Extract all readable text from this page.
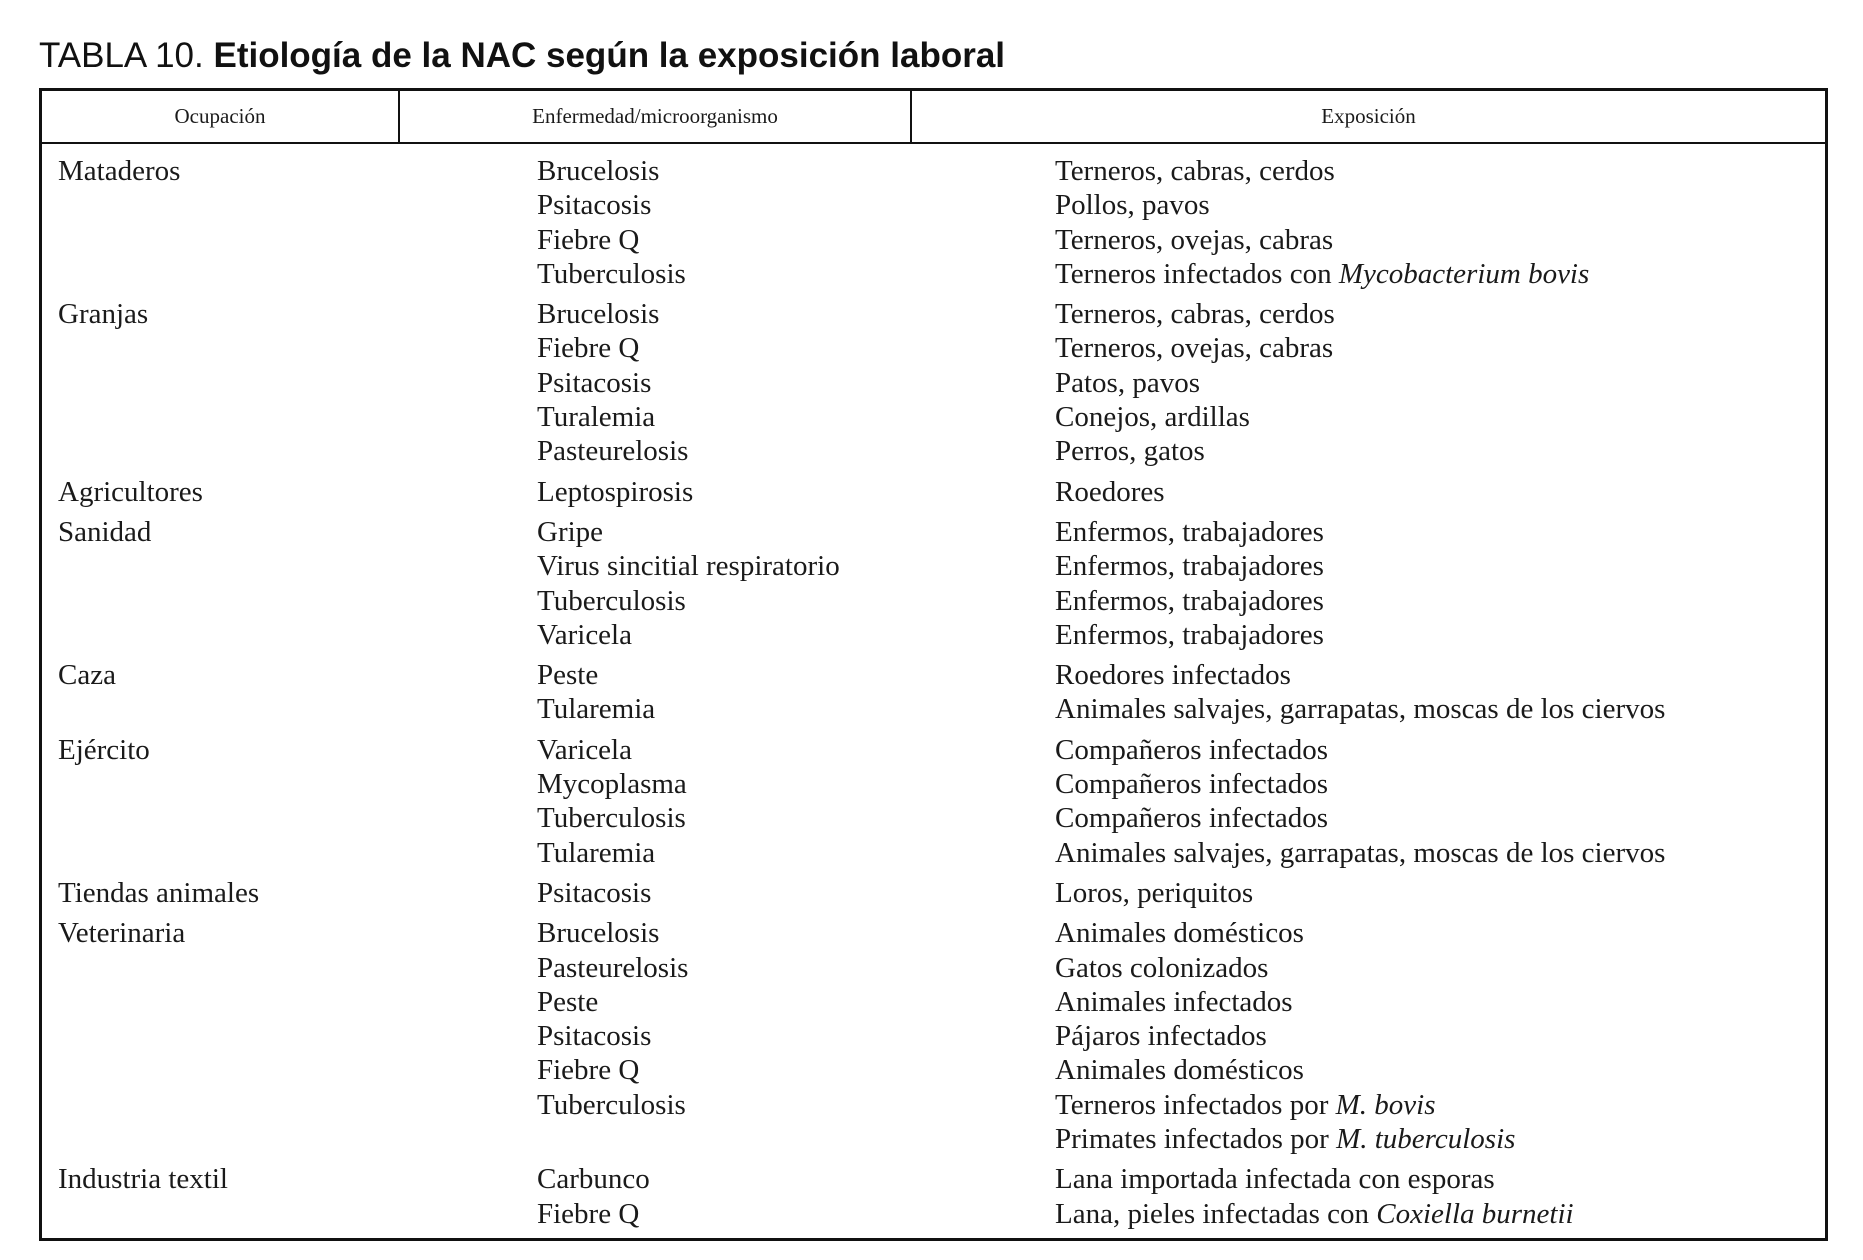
TABLA 10. Etiología de la NAC según la exposición laboral
Ocupación	Enfermedad/microorganismo	Exposición
Mataderos	Brucelosis	Terneros, cabras, cerdos
Psitacosis	Pollos, pavos
Fiebre Q	Terneros, ovejas, cabras
Tuberculosis	Terneros infectados con Mycobacterium bovis
Granjas	Brucelosis	Terneros, cabras, cerdos
Fiebre Q	Terneros, ovejas, cabras
Psitacosis	Patos, pavos
Turalemia	Conejos, ardillas
Pasteurelosis	Perros, gatos
Agricultores	Leptospirosis	Roedores
Sanidad	Gripe	Enfermos, trabajadores
Virus sincitial respiratorio	Enfermos, trabajadores
Tuberculosis	Enfermos, trabajadores
Varicela	Enfermos, trabajadores
Caza	Peste	Roedores infectados
Tularemia	Animales salvajes, garrapatas, moscas de los ciervos
Ejército	Varicela	Compañeros infectados
Mycoplasma	Compañeros infectados
Tuberculosis	Compañeros infectados
Tularemia	Animales salvajes, garrapatas, moscas de los ciervos
Tiendas animales	Psitacosis	Loros, periquitos
Veterinaria	Brucelosis	Animales domésticos
Pasteurelosis	Gatos colonizados
Peste	Animales infectados
Psitacosis	Pájaros infectados
Fiebre Q	Animales domésticos
Tuberculosis	Terneros infectados por M. bovis
Primates infectados por M. tuberculosis
Industria textil	Carbunco	Lana importada infectada con esporas
Fiebre Q	Lana, pieles infectadas con Coxiella burnetii
